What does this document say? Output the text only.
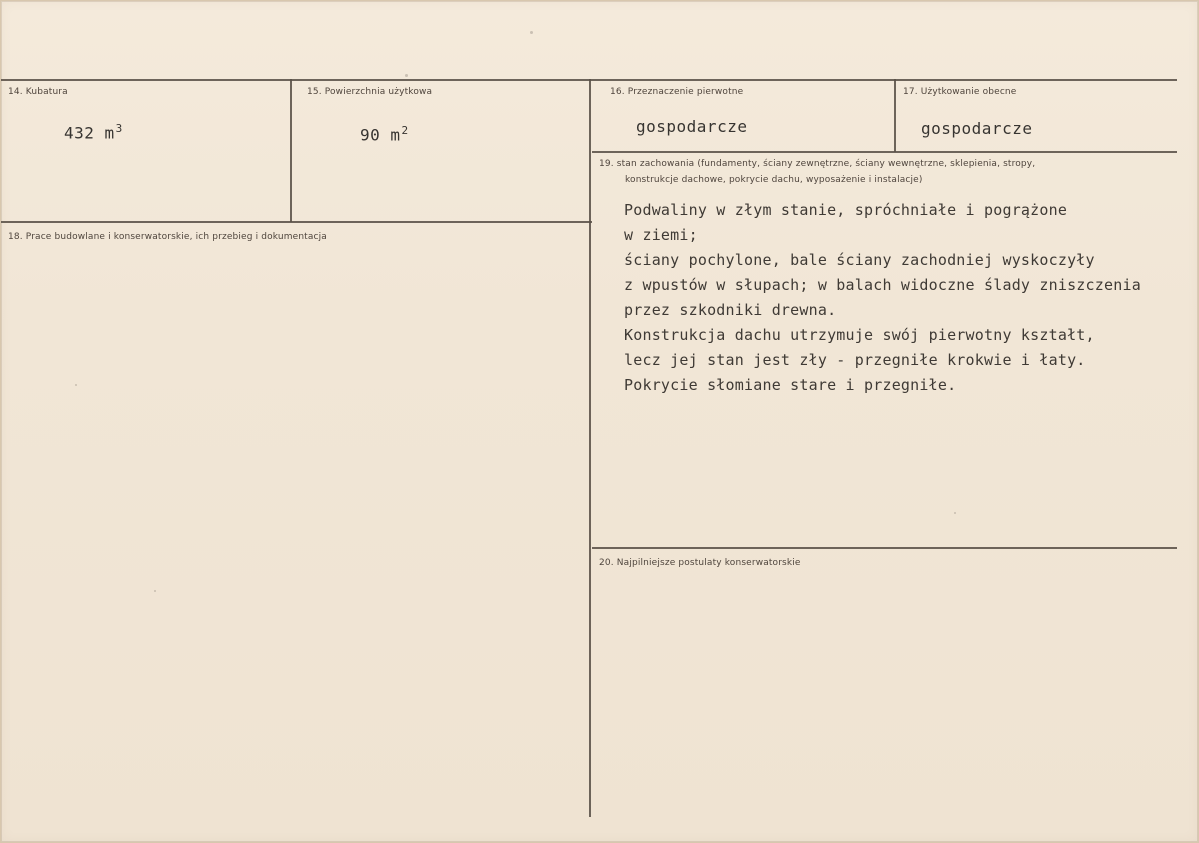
14. Kubatura
432 $m^3$
15. Powierzchnia użytkowa
90 $m^2$
16. Przeznaczenie pierwotne
gospodarcze
17. Użytkowanie obecne
gospodarcze
18. Prace budowlane i konserwatorskie, ich przebieg i dokumentacja
19. stan zachowania (fundamenty, ściany zewnętrzne, ściany wewnętrzne, sklepienia, stropy,
konstrukcje dachowe, pokrycie dachu, wyposażenie i instalacje)
Podwaliny w złym stanie, spróchniałe i pogrążone
w ziemi;
ściany pochylone, bale ściany zachodniej wyskoczyły
z wpustów w słupach; w balach widoczne ślady zniszczenia
przez szkodniki drewna.
Konstrukcja dachu utrzymuje swój pierwotny kształt,
lecz jej stan jest zły - przegniłe krokwie i łaty.
Pokrycie słomiane stare i przegniłe.
20. Najpilniejsze postulaty konserwatorskie
